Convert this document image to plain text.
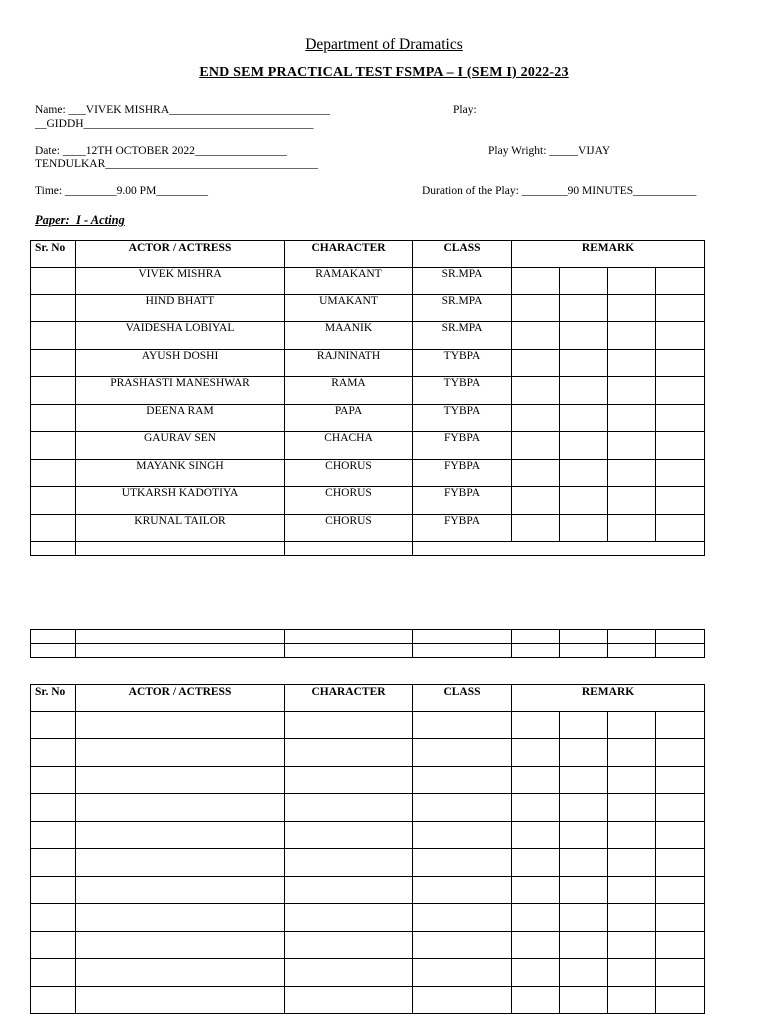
Department of Dramatics
END SEM PRACTICAL TEST FSMPA – I (SEM I) 2022-23
Name: ___VIVEK MISHRA____________________________
__GIDDH________________________________________
Play:
Date: ____12TH OCTOBER 2022________________
TENDULKAR_____________________________________
Play Wright: _____VIJAY
Time: _________9.00 PM_________	Duration of the Play: ________90 MINUTES___________
Paper:  I - Acting
Sr. No	ACTOR / ACTRESS	CHARACTER	CLASS	REMARK			
	VIVEK MISHRA	RAMAKANT	SR.MPA				
	HIND BHATT	UMAKANT	SR.MPA				
	VAIDESHA LOBIYAL	MAANIK	SR.MPA				
	AYUSH DOSHI	RAJNINATH	TYBPA				
	PRASHASTI MANESHWAR	RAMA	TYBPA				
	DEENA RAM	PAPA	TYBPA				
	GAURAV SEN	CHACHA	FYBPA				
	MAYANK SINGH	CHORUS	FYBPA				
	UTKARSH KADOTIYA	CHORUS	FYBPA				
	KRUNAL TAILOR	CHORUS	FYBPA				

Sr. No	ACTOR / ACTRESS	CHARACTER	CLASS	REMARK			
